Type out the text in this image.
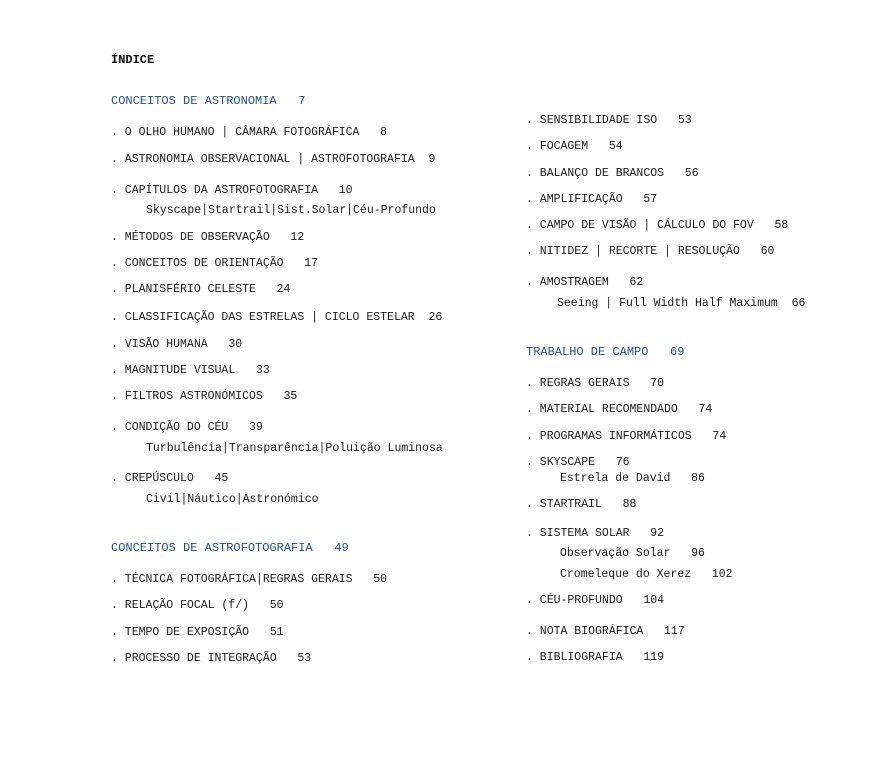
ÍNDICE
CONCEITOS DE ASTRONOMIA   7
. O OLHO HUMANO | CÂMARA FOTOGRÁFICA   8
. ASTRONOMIA OBSERVACIONAL | ASTROFOTOGRAFIA  9
. CAPÍTULOS DA ASTROFOTOGRAFIA   10
Skyscape|Startrail|Sist.Solar|Céu-Profundo
. MÉTODOS DE OBSERVAÇÃO   12
. CONCEITOS DE ORIENTAÇÃO   17
. PLANISFÉRIO CELESTE   24
. CLASSIFICAÇÃO DAS ESTRELAS | CICLO ESTELAR  26
. VISÃO HUMANA   30
. MAGNITUDE VISUAL   33
. FILTROS ASTRONÓMICOS   35
. CONDIÇÃO DO CÉU   39
Turbulência|Transparência|Poluição Luminosa
. CREPÚSCULO   45
Civil|Náutico|Astronómico
CONCEITOS DE ASTROFOTOGRAFIA   49
. TÉCNICA FOTOGRÁFICA|REGRAS GERAIS   50
. RELAÇÃO FOCAL (f/)   50
. TEMPO DE EXPOSIÇÃO   51
. PROCESSO DE INTEGRAÇÃO   53
. SENSIBILIDADE ISO   53
. FOCAGEM   54
. BALANÇO DE BRANCOS   56
. AMPLIFICAÇÃO   57
. CAMPO DE VISÃO | CÁLCULO DO FOV   58
. NITIDEZ | RECORTE | RESOLUÇÃO   60
. AMOSTRAGEM   62
Seeing | Full Width Half Maximum  66
TRABALHO DE CAMPO   69
. REGRAS GERAIS   70
. MATERIAL RECOMENDADO   74
. PROGRAMAS INFORMÁTICOS   74
. SKYSCAPE   76
Estrela de David   86
. STARTRAIL   88
. SISTEMA SOLAR   92
Observação Solar   96
Cromeleque do Xerez   102
. CÉU-PROFUNDO   104
. NOTA BIOGRÁFICA   117
. BIBLIOGRAFIA   119
